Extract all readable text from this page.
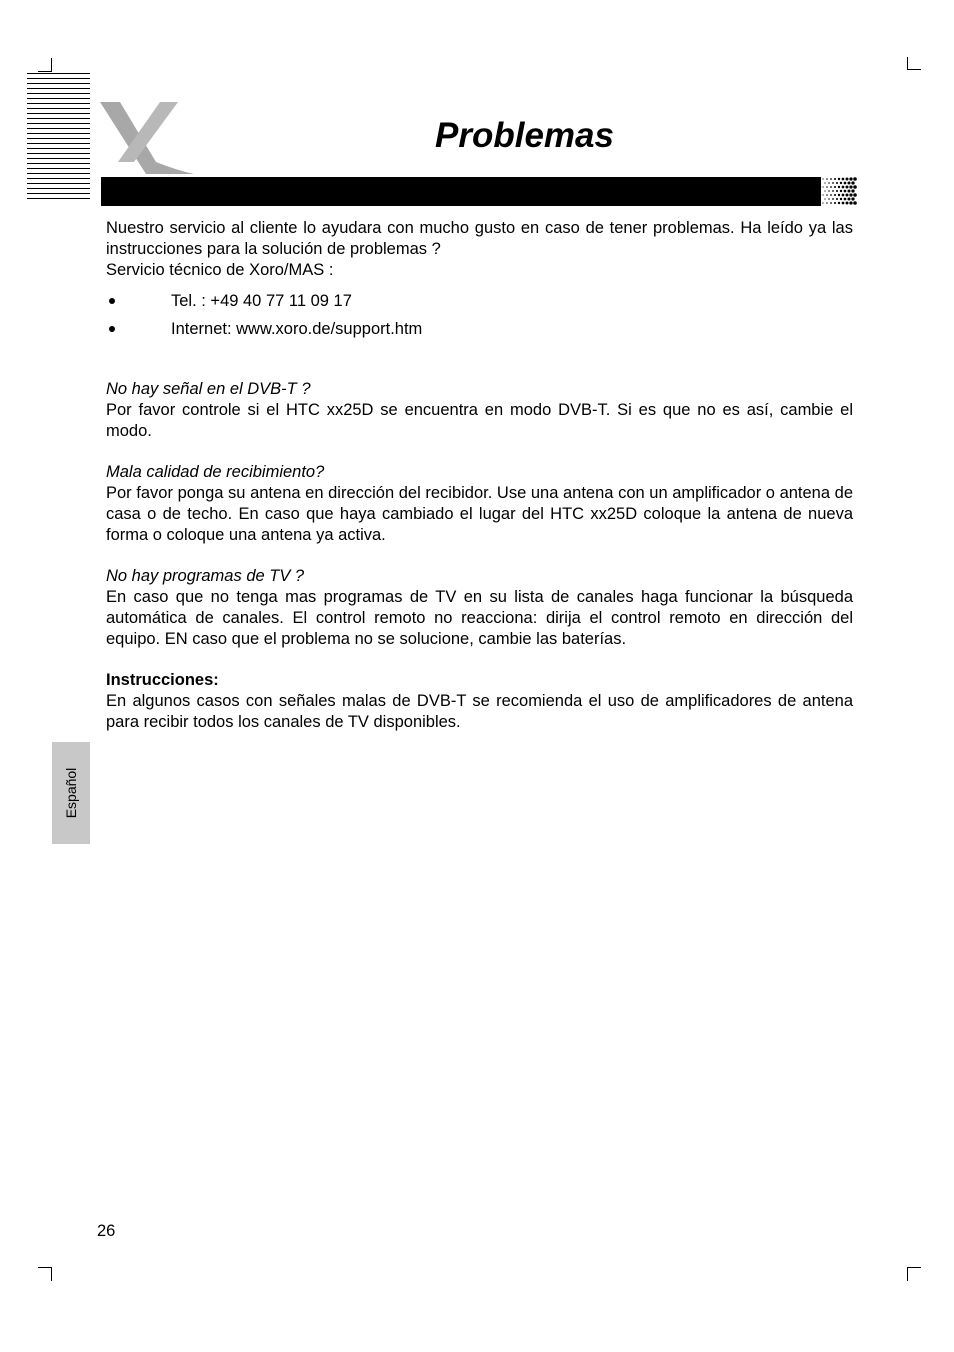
Problemas

Nuestro servicio al cliente lo ayudara con mucho gusto en caso de tener problemas. Ha leído ya las instrucciones para la solución de problemas ?

Servicio técnico de Xoro/MAS :

Tel. : +49 40 77 11 09 17
Internet: www.xoro.de/support.htm

No hay señal en el DVB-T ?

Por favor controle si el HTC xx25D se encuentra en modo DVB-T. Si es que no es así, cambie el modo.

Mala calidad de recibimiento?

Por favor ponga su antena en dirección del recibidor. Use una antena con un amplificador o antena de casa o de techo. En caso que haya cambiado el lugar del HTC xx25D coloque la antena de nueva forma o coloque una antena ya activa.

No hay programas de TV ?

En caso que no tenga mas programas de TV en su lista de canales haga funcionar la búsqueda automática de canales. El control remoto no reacciona: dirija el control remoto en dirección del equipo. EN caso que el problema no se solucione, cambie las baterías.

Instrucciones:

En algunos casos con señales malas de DVB-T se recomienda el uso de amplificadores de antena para recibir todos los canales de TV disponibles.

Español
26
